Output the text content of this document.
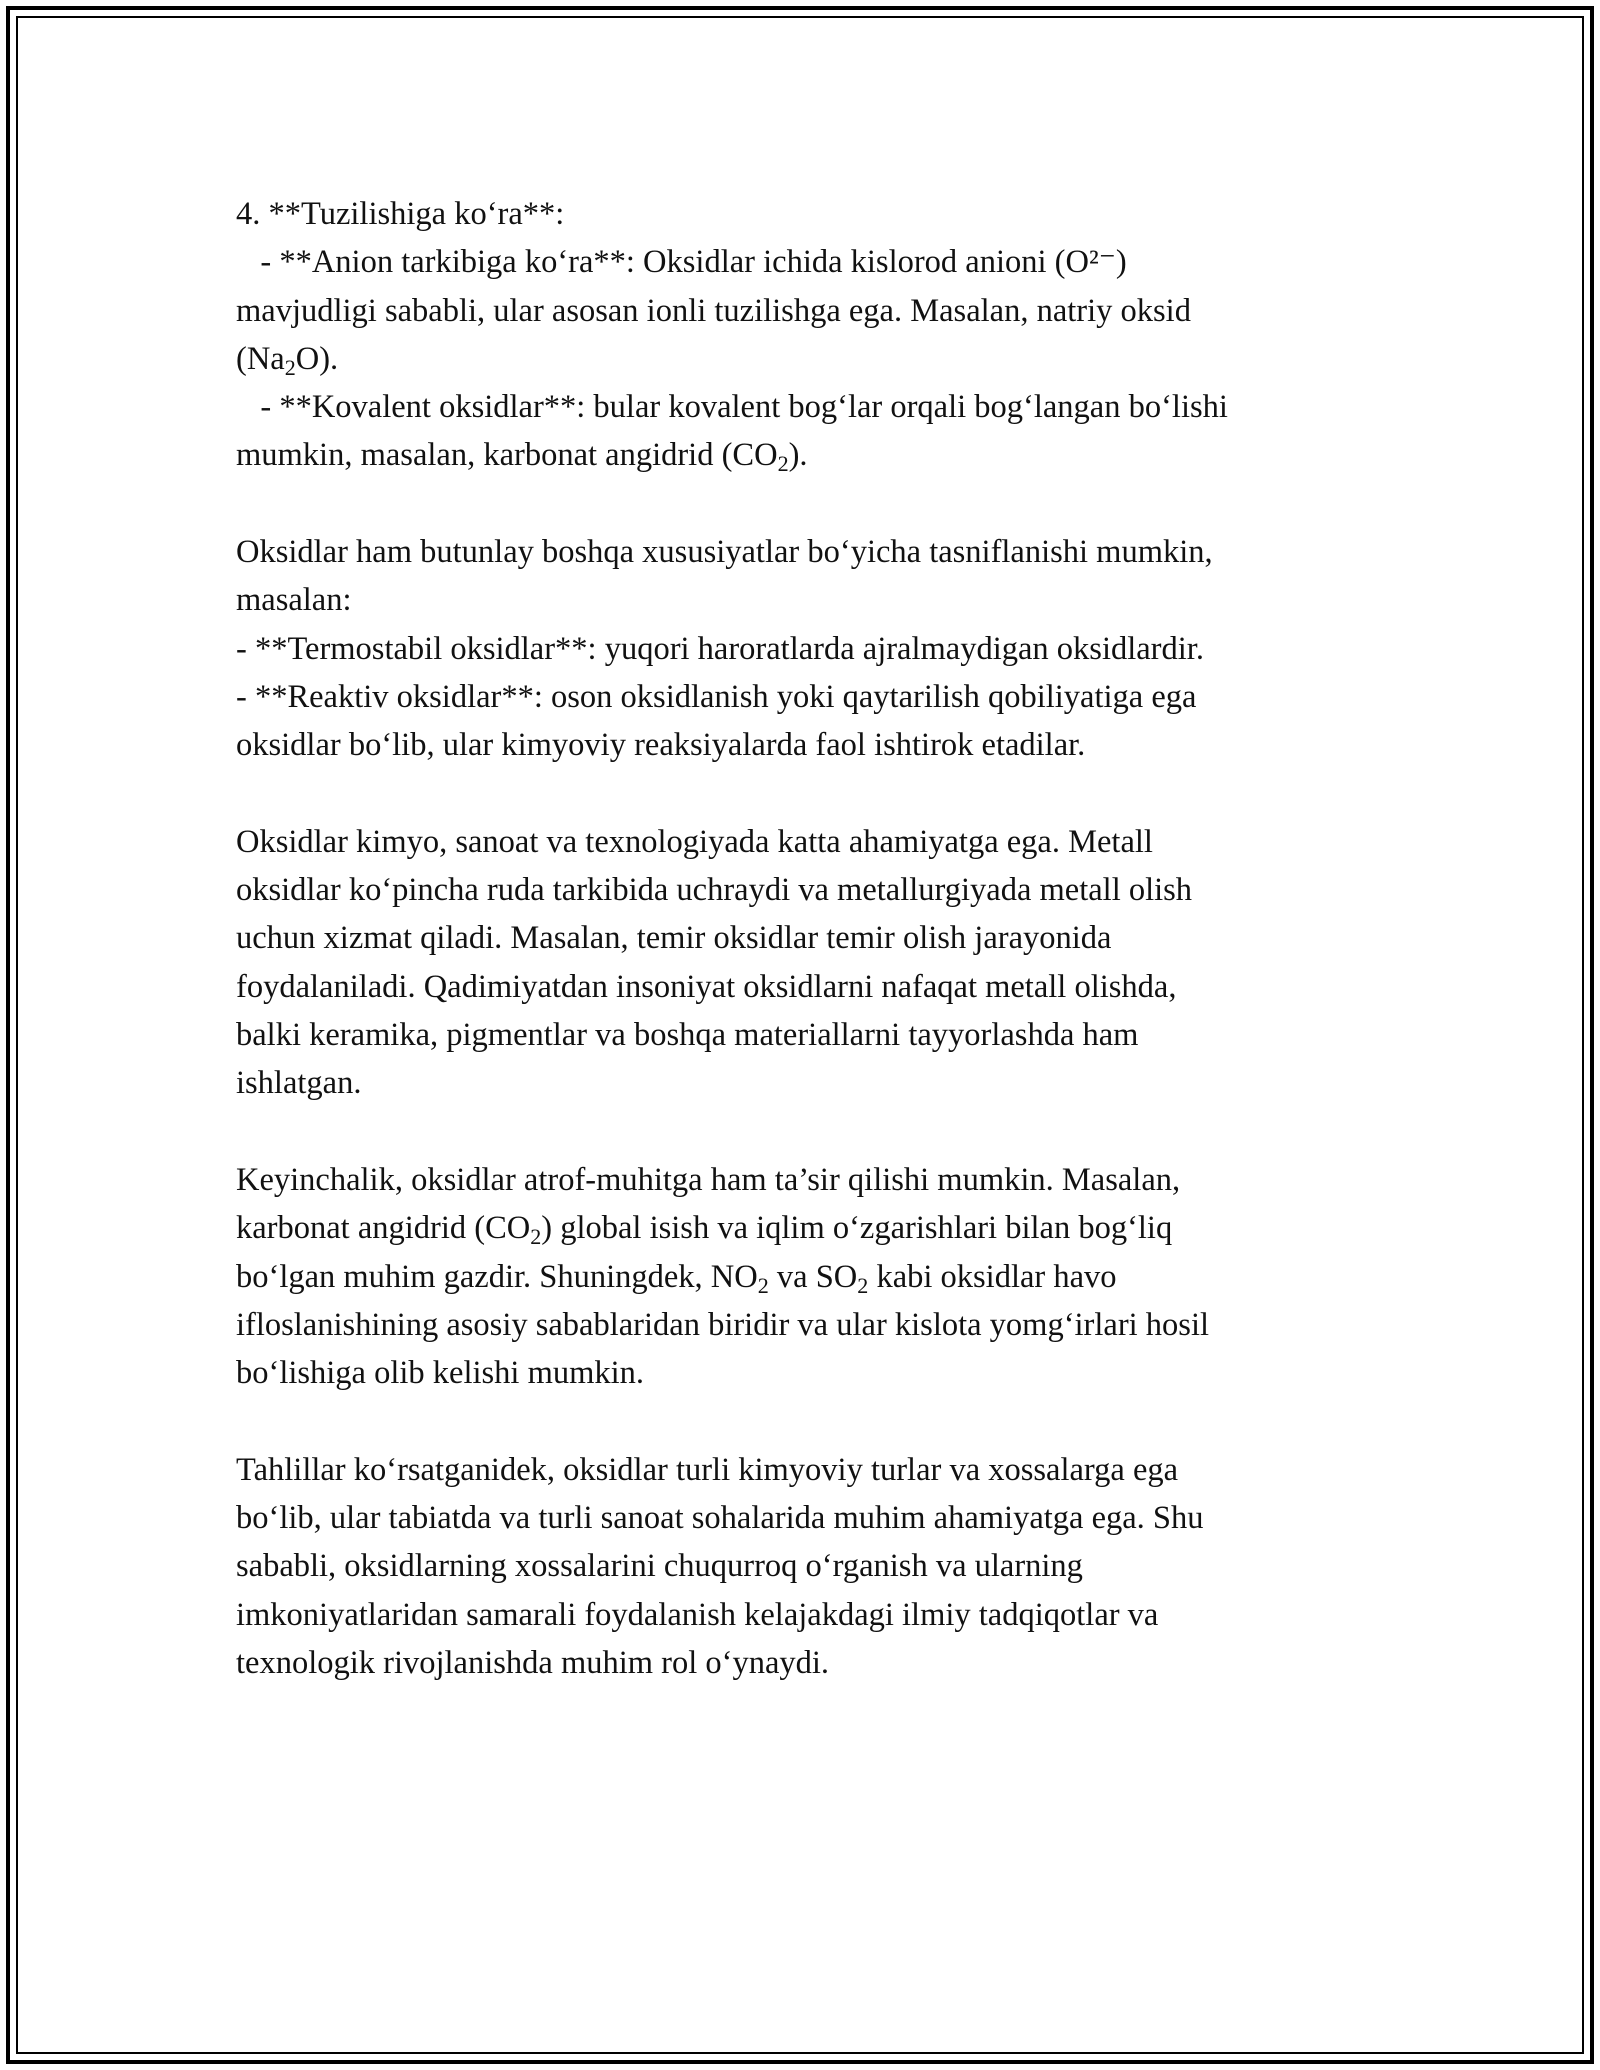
4. **Tuzilishiga ko‘ra**:
- **Anion tarkibiga ko‘ra**: Oksidlar ichida kislorod anioni (O²⁻)
mavjudligi sababli, ular asosan ionli tuzilishga ega. Masalan, natriy oksid
$(Na_2O)$.
- **Kovalent oksidlar**: bular kovalent bog‘lar orqali bog‘langan bo‘lishi
mumkin, masalan, karbonat angidrid $(CO_2)$.
Oksidlar ham butunlay boshqa xususiyatlar bo‘yicha tasniflanishi mumkin,
masalan:
- **Termostabil oksidlar**: yuqori haroratlarda ajralmaydigan oksidlardir.
- **Reaktiv oksidlar**: oson oksidlanish yoki qaytarilish qobiliyatiga ega
oksidlar bo‘lib, ular kimyoviy reaksiyalarda faol ishtirok etadilar.
Oksidlar kimyo, sanoat va texnologiyada katta ahamiyatga ega. Metall
oksidlar ko‘pincha ruda tarkibida uchraydi va metallurgiyada metall olish
uchun xizmat qiladi. Masalan, temir oksidlar temir olish jarayonida
foydalaniladi. Qadimiyatdan insoniyat oksidlarni nafaqat metall olishda,
balki keramika, pigmentlar va boshqa materiallarni tayyorlashda ham
ishlatgan.
Keyinchalik, oksidlar atrof-muhitga ham ta’sir qilishi mumkin. Masalan,
karbonat angidrid $(CO_2)$ global isish va iqlim o‘zgarishlari bilan bog‘liq
bo‘lgan muhim gazdir. Shuningdek, $NO_2$ va $SO_2$ kabi oksidlar havo
ifloslanishining asosiy sabablaridan biridir va ular kislota yomg‘irlari hosil
bo‘lishiga olib kelishi mumkin.
Tahlillar ko‘rsatganidek, oksidlar turli kimyoviy turlar va xossalarga ega
bo‘lib, ular tabiatda va turli sanoat sohalarida muhim ahamiyatga ega. Shu
sababli, oksidlarning xossalarini chuqurroq o‘rganish va ularning
imkoniyatlaridan samarali foydalanish kelajakdagi ilmiy tadqiqotlar va
texnologik rivojlanishda muhim rol o‘ynaydi.
